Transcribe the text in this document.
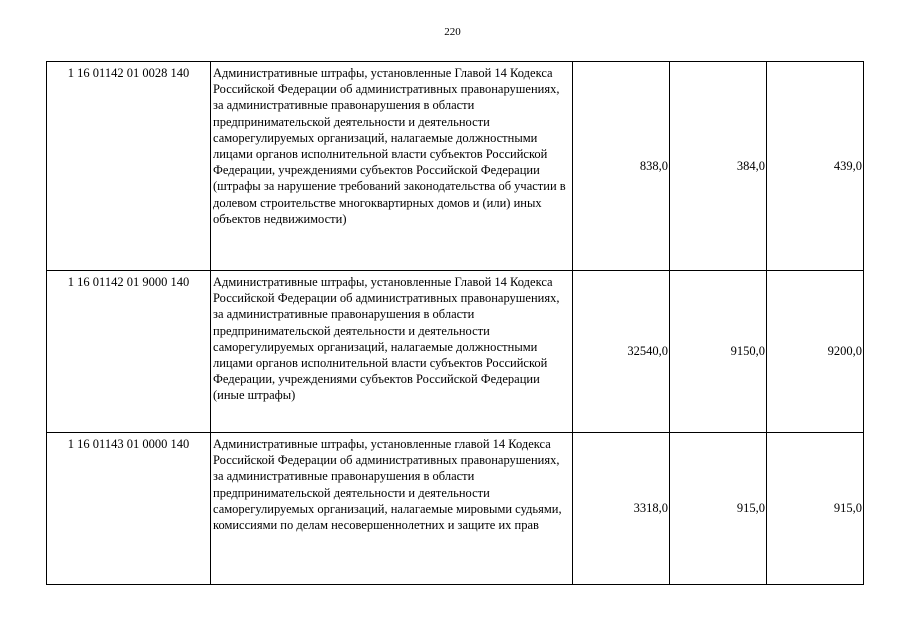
220
1 16 01142 01 0028 140	Административные штрафы, установленные Главой 14 Кодекса Российской Федерации об административных правонарушениях, за административные правонарушения в области предпринимательской деятельности и деятельности саморегулируемых организаций, налагаемые должностными лицами органов исполнительной власти субъектов Российской Федерации, учреждениями субъектов Российской Федерации (штрафы за нарушение требований законодательства об участии в долевом строительстве многоквартирных домов и (или) иных объектов недвижимости)	838,0	384,0	439,0
1 16 01142 01 9000 140	Административные штрафы, установленные Главой 14 Кодекса Российской Федерации об административных правонарушениях, за административные правонарушения в области предпринимательской деятельности и деятельности саморегулируемых организаций, налагаемые должностными лицами органов исполнительной власти субъектов Российской Федерации, учреждениями субъектов Российской Федерации (иные штрафы)	32540,0	9150,0	9200,0
1 16 01143 01 0000 140	Административные штрафы, установленные главой 14 Кодекса Российской Федерации об административных правонарушениях, за административные правонарушения в области предпринимательской деятельности и деятельности саморегулируемых организаций, налагаемые мировыми судьями, комиссиями по делам несовершеннолетних и защите их прав	3318,0	915,0	915,0
